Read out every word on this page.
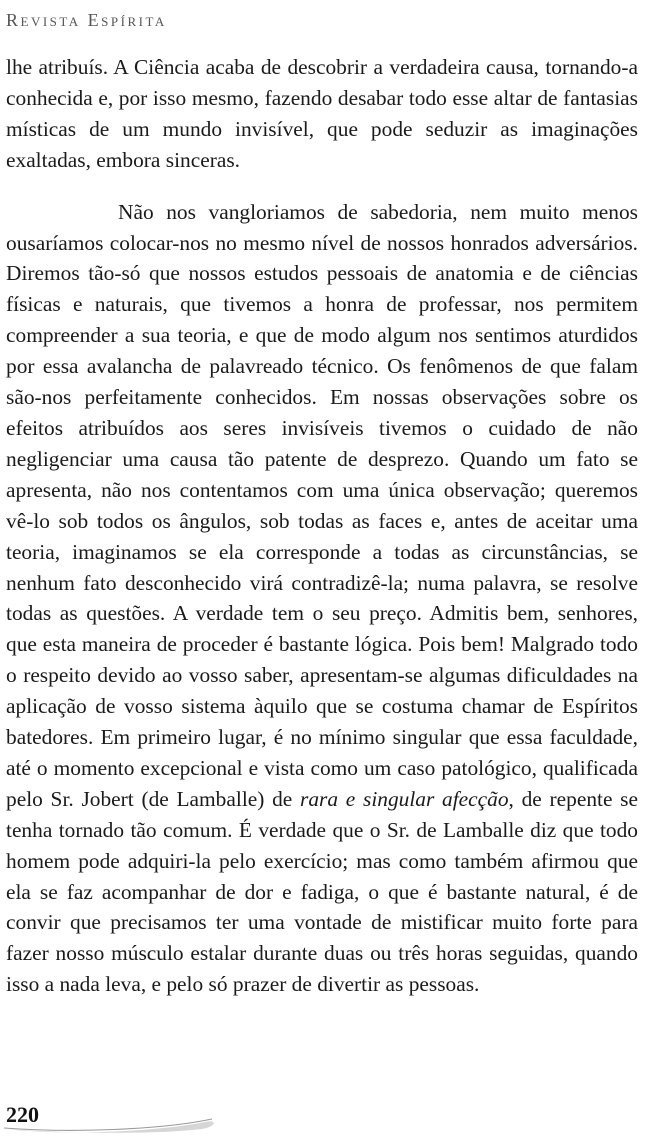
Revista Espírita

lhe atribuís. A Ciência acaba de descobrir a verdadeira causa, tornando-a conhecida e, por isso mesmo, fazendo desabar todo esse altar de fantasias místicas de um mundo invisível, que pode seduzir as imaginações exaltadas, embora sinceras.

Não nos vangloriamos de sabedoria, nem muito menos ousaríamos colocar-nos no mesmo nível de nossos honrados adversários. Diremos tão-só que nossos estudos pessoais de anatomia e de ciências físicas e naturais, que tivemos a honra de professar, nos permitem compreender a sua teoria, e que de modo algum nos sentimos aturdidos por essa avalancha de palavreado técnico. Os fenômenos de que falam são-nos perfeitamente conhecidos. Em nossas observações sobre os efeitos atribuídos aos seres invisíveis tivemos o cuidado de não negligenciar uma causa tão patente de desprezo. Quando um fato se apresenta, não nos contentamos com uma única observação; queremos vê-lo sob todos os ângulos, sob todas as faces e, antes de aceitar uma teoria, imaginamos se ela corresponde a todas as circunstâncias, se nenhum fato desconhecido virá contradizê-la; numa palavra, se resolve todas as questões. A verdade tem o seu preço. Admitis bem, senhores, que esta maneira de proceder é bastante lógica. Pois bem! Malgrado todo o respeito devido ao vosso saber, apresentam-se algumas dificuldades na aplicação de vosso sistema àquilo que se costuma chamar de Espíritos batedores. Em primeiro lugar, é no mínimo singular que essa faculdade, até o momento excepcional e vista como um caso patológico, qualificada pelo Sr. Jobert (de Lamballe) de rara e singular afecção, de repente se tenha tornado tão comum. É verdade que o Sr. de Lamballe diz que todo homem pode adquiri-la pelo exercício; mas como também afirmou que ela se faz acompanhar de dor e fadiga, o que é bastante natural, é de convir que precisamos ter uma vontade de mistificar muito forte para fazer nosso músculo estalar durante duas ou três horas seguidas, quando isso a nada leva, e pelo só prazer de divertir as pessoas.

220
